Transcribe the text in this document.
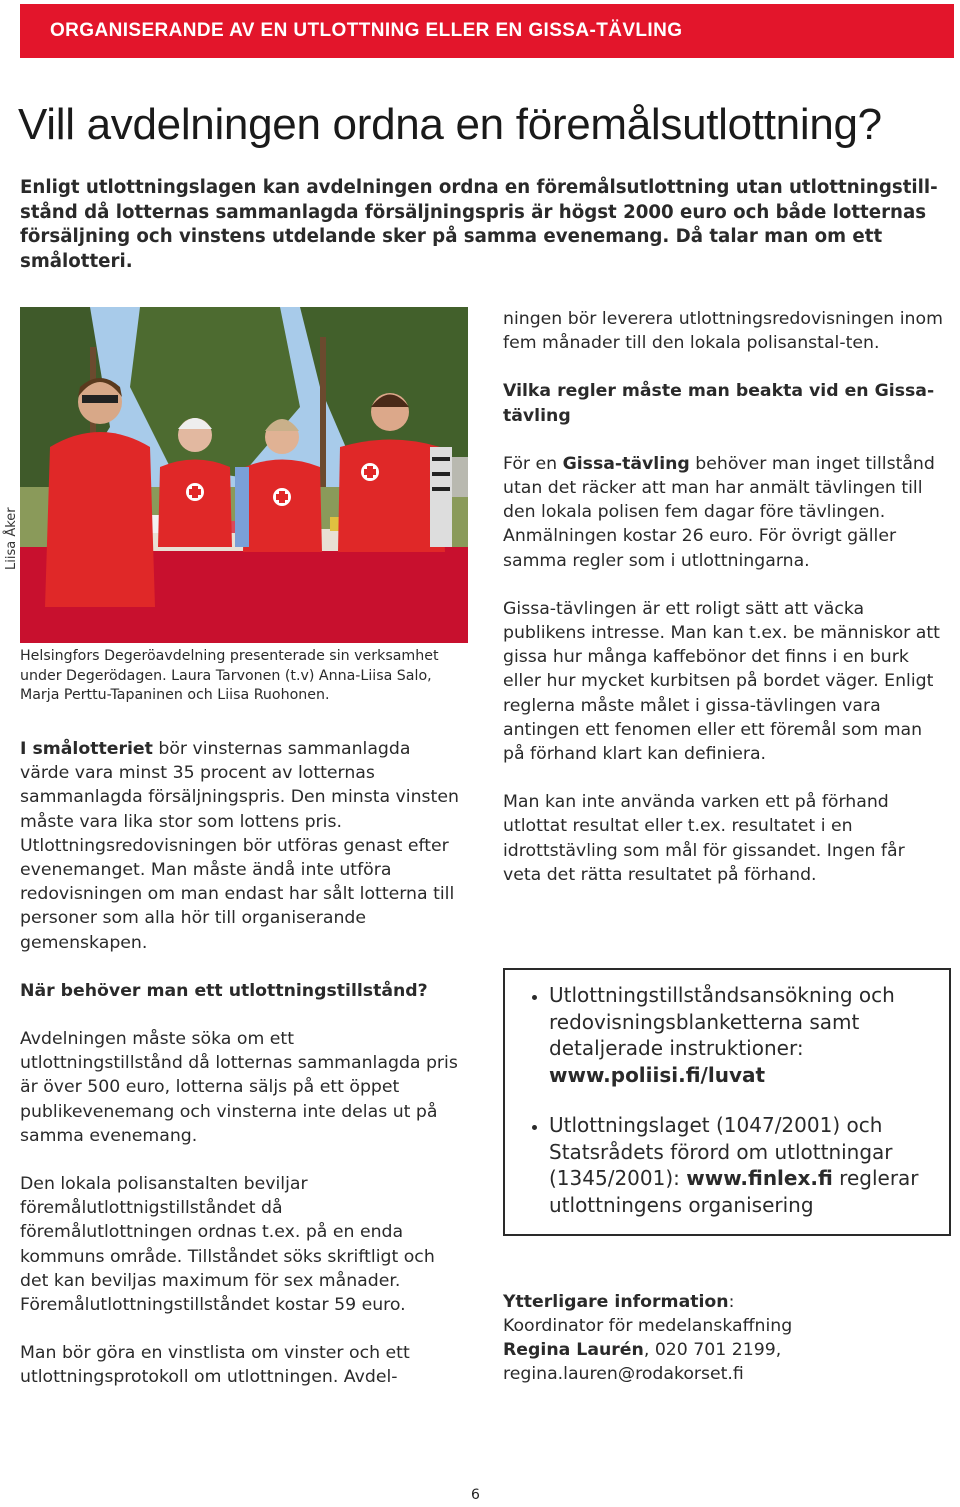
ORGANISERANDE AV EN UTLOTTNING ELLER EN GISSA-TÄVLING
Vill avdelningen ordna en föremålsutlottning?

Enligt utlottningslagen kan avdelningen ordna en föremålsutlottning utan utlottningstill-stånd då lotternas sammanlagda försäljningspris är högst 2000 euro och både lotternas försäljning och vinstens utdelande sker på samma evenemang. Då talar man om ett smålotteri.

Liisa Åker
Helsingfors Degeröavdelning presenterade sin verksamhet under Degerödagen. Laura Tarvonen (t.v) Anna-Liisa Salo, Marja Perttu-Tapaninen och Liisa Ruohonen.

I smålotteriet bör vinsternas sammanlagda värde vara minst 35 procent av lotternas sammanlagda försäljningspris. Den minsta vinsten måste vara lika stor som lottens pris. Utlottningsredovisningen bör utföras genast efter evenemanget. Man måste ändå inte utföra redovisningen om man endast har sålt lotterna till personer som alla hör till organiserande gemenskapen.

När behöver man ett utlottningstillstånd?

Avdelningen måste söka om ett utlottningstillstånd då lotternas sammanlagda pris är över 500 euro, lotterna säljs på ett öppet publikevenemang och vinsterna inte delas ut på samma evenemang.

Den lokala polisanstalten beviljar föremålutlottnigstillståndet då föremålutlottningen ordnas t.ex. på en enda kommuns område. Tillståndet söks skriftligt och det kan beviljas maximum för sex månader. Föremålutlottningstillståndet kostar 59 euro.

Man bör göra en vinstlista om vinster och ett utlottningsprotokoll om utlottningen. Avdel-

ningen bör leverera utlottningsredovisningen inom fem månader till den lokala polisanstal-ten.

Vilka regler måste man beakta vid en Gissa-tävling

För en Gissa-tävling behöver man inget tillstånd utan det räcker att man har anmält tävlingen till den lokala polisen fem dagar före tävlingen. Anmälningen kostar 26 euro. För övrigt gäller samma regler som i utlottningarna.

Gissa-tävlingen är ett roligt sätt att väcka publikens intresse. Man kan t.ex. be människor att gissa hur många kaffebönor det finns i en burk eller hur mycket kurbitsen på bordet väger. Enligt reglerna måste målet i gissa-tävlingen vara antingen ett fenomen eller ett föremål som man på förhand klart kan definiera.

Man kan inte använda varken ett på förhand utlottat resultat eller t.ex. resultatet i en idrottstävling som mål för gissandet. Ingen får veta det rätta resultatet på förhand.

• Utlottningstillståndsansökning och redovisningsblanketterna samt detaljerade instruktioner: www.poliisi.fi/luvat
• Utlottningslaget (1047/2001) och Statsrådets förord om utlottningar (1345/2001): www.finlex.fi reglerar utlottningens organisering
Ytterligare information:
Koordinator för medelanskaffning
Regina Laurén, 020 701 2199,
regina.lauren@rodakorset.fi
6
